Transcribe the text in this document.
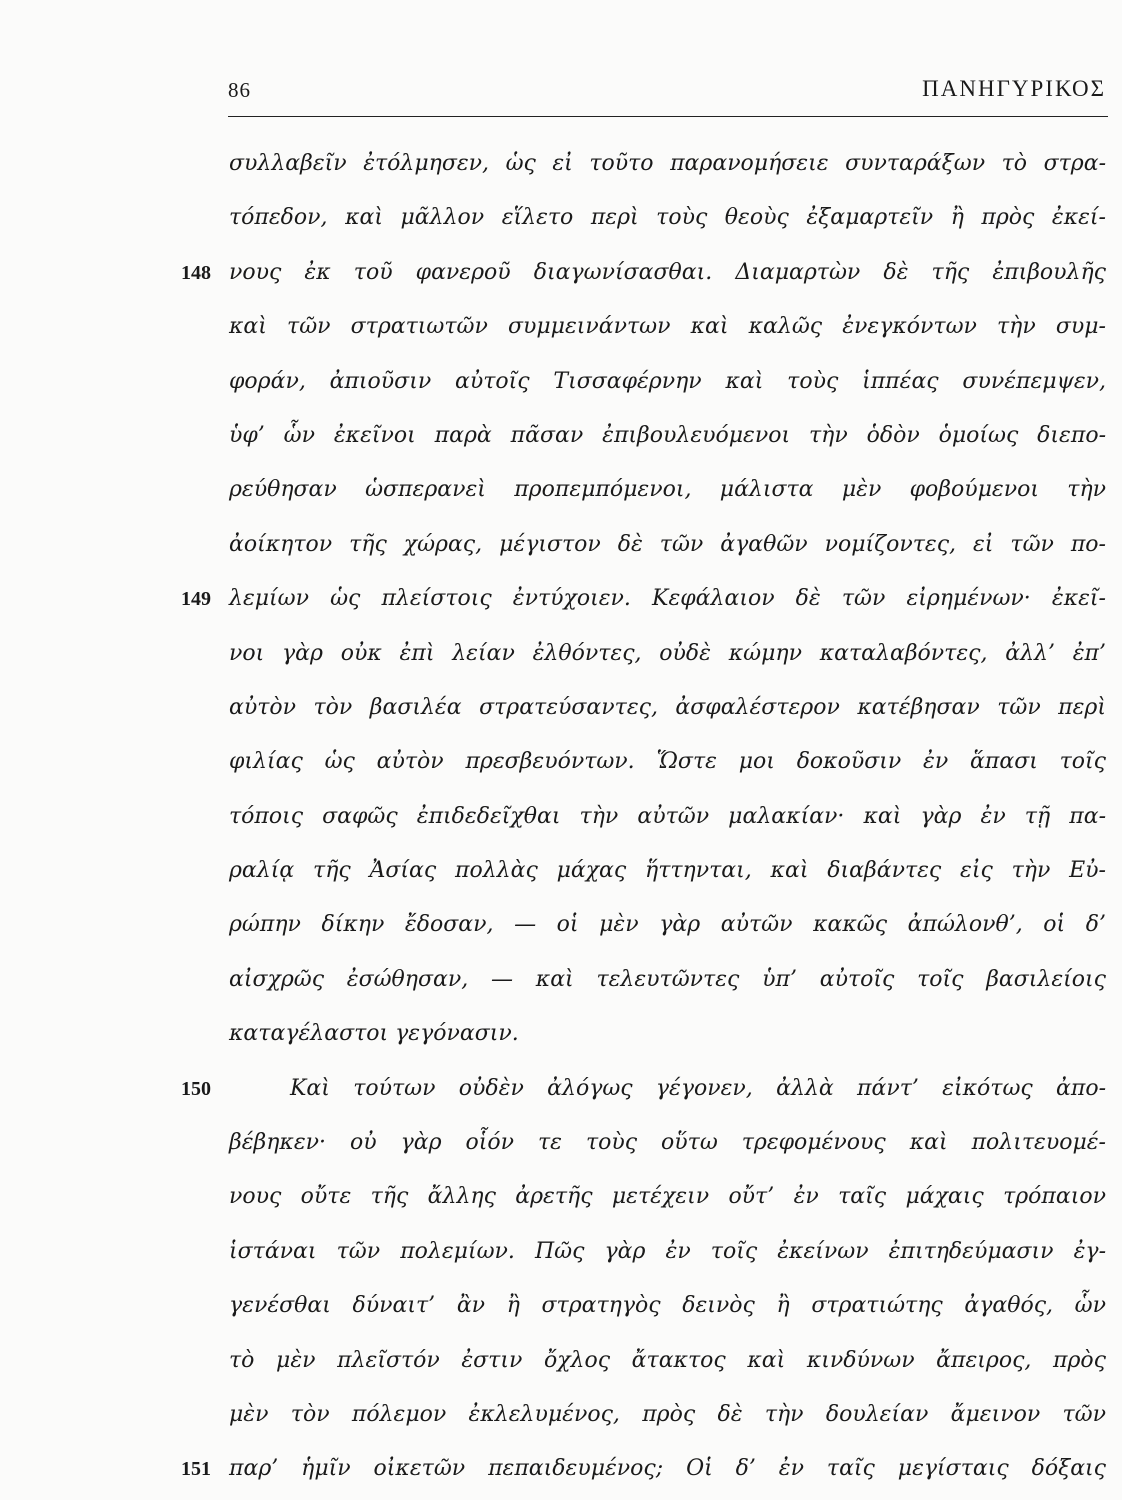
86	ΠΑΝΗΓΥΡΙΚΟΣ
συλλαβεῖν ἐτόλμησεν, ὡς εἰ τοῦτο παρανομήσειε συνταράξων τὸ στρα-
τόπεδον, καὶ μᾶλλον εἵλετο περὶ τοὺς θεοὺς ἐξαμαρτεῖν ἢ πρὸς ἐκεί-
148 νους ἐκ τοῦ φανεροῦ διαγωνίσασθαι. Διαμαρτὼν δὲ τῆς ἐπιβουλῆς
καὶ τῶν στρατιωτῶν συμμεινάντων καὶ καλῶς ἐνεγκόντων τὴν συμ-
φοράν, ἀπιοῦσιν αὐτοῖς Τισσαφέρνην καὶ τοὺς ἱππέας συνέπεμψεν,
ὑφ’ ὧν ἐκεῖνοι παρὰ πᾶσαν ἐπιβουλευόμενοι τὴν ὁδὸν ὁμοίως διεπο-
ρεύθησαν ὡσπερανεὶ προπεμπόμενοι, μάλιστα μὲν φοβούμενοι τὴν
ἀοίκητον τῆς χώρας, μέγιστον δὲ τῶν ἀγαθῶν νομίζοντες, εἰ τῶν πο-
149 λεμίων ὡς πλείστοις ἐντύχοιεν. Κεφάλαιον δὲ τῶν εἰρημένων· ἐκεῖ-
νοι γὰρ οὐκ ἐπὶ λείαν ἐλθόντες, οὐδὲ κώμην καταλαβόντες, ἀλλ’ ἐπ’
αὐτὸν τὸν βασιλέα στρατεύσαντες, ἀσφαλέστερον κατέβησαν τῶν περὶ
φιλίας ὡς αὐτὸν πρεσβευόντων. Ὥστε μοι δοκοῦσιν ἐν ἅπασι τοῖς
τόποις σαφῶς ἐπιδεδεῖχθαι τὴν αὐτῶν μαλακίαν· καὶ γὰρ ἐν τῇ πα-
ραλίᾳ τῆς Ἀσίας πολλὰς μάχας ἥττηνται, καὶ διαβάντες εἰς τὴν Εὐ-
ρώπην δίκην ἔδοσαν, — οἱ μὲν γὰρ αὐτῶν κακῶς ἀπώλονθ’, οἱ δ’
αἰσχρῶς ἐσώθησαν, — καὶ τελευτῶντες ὑπ’ αὐτοῖς τοῖς βασιλείοις
καταγέλαστοι γεγόνασιν.
150	Καὶ τούτων οὐδὲν ἀλόγως γέγονεν, ἀλλὰ πάντ’ εἰκότως ἀπο-
βέβηκεν· οὐ γὰρ οἷόν τε τοὺς οὕτω τρεφομένους καὶ πολιτευομέ-
νους οὔτε τῆς ἄλλης ἀρετῆς μετέχειν οὔτ’ ἐν ταῖς μάχαις τρόπαιον
ἱστάναι τῶν πολεμίων. Πῶς γὰρ ἐν τοῖς ἐκείνων ἐπιτηδεύμασιν ἐγ-
γενέσθαι δύναιτ’ ἂν ἢ στρατηγὸς δεινὸς ἢ στρατιώτης ἀγαθός, ὧν
τὸ μὲν πλεῖστόν ἐστιν ὄχλος ἄτακτος καὶ κινδύνων ἄπειρος, πρὸς
μὲν τὸν πόλεμον ἐκλελυμένος, πρὸς δὲ τὴν δουλείαν ἄμεινον τῶν
151 παρ’ ἡμῖν οἰκετῶν πεπαιδευμένος; Οἱ δ’ ἐν ταῖς μεγίσταις δόξαις
